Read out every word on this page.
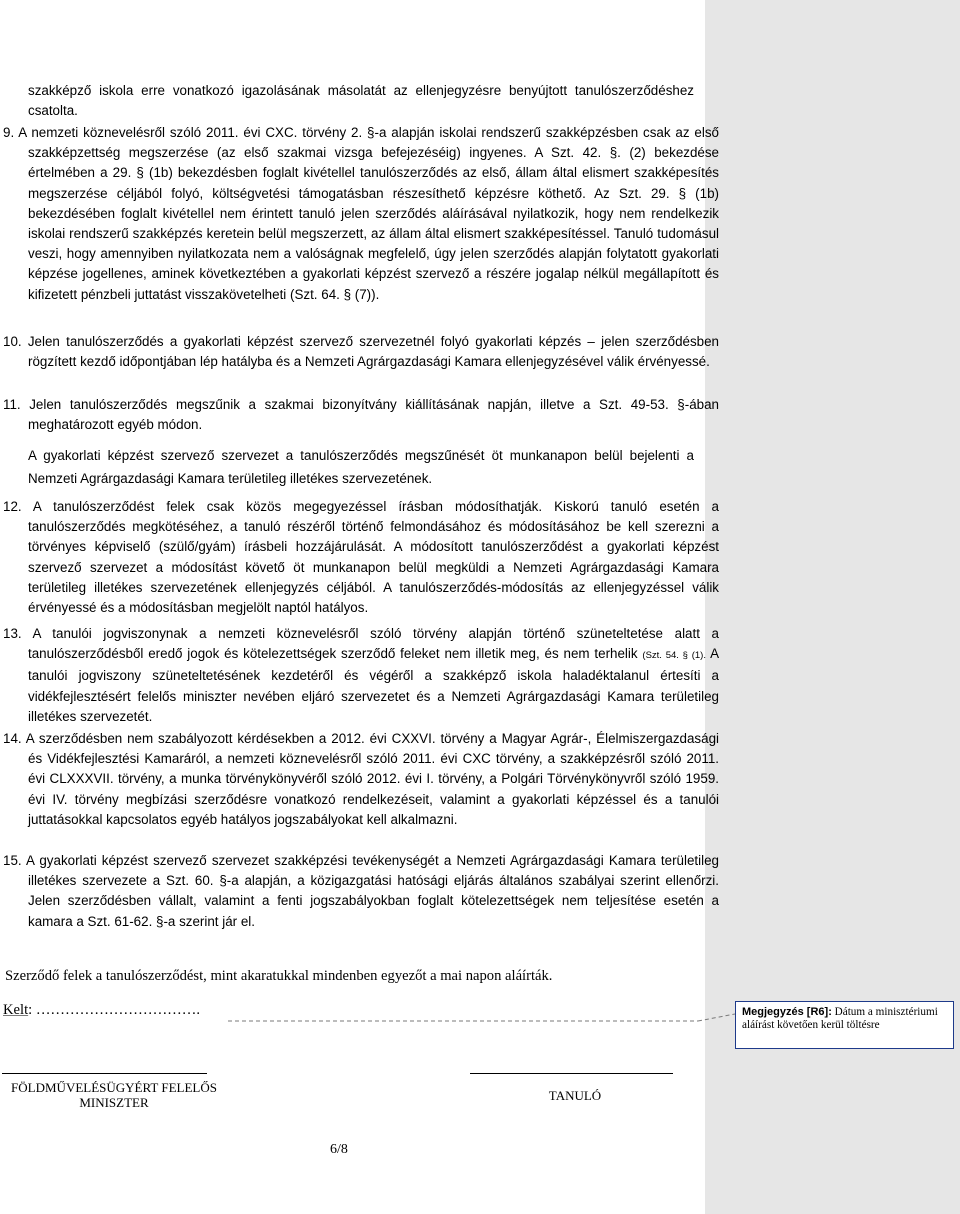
szakképző iskola erre vonatkozó igazolásának másolatát az ellenjegyzésre benyújtott tanulószerződéshez csatolta.

9. A nemzeti köznevelésről szóló 2011. évi CXC. törvény 2. §-a alapján iskolai rendszerű szakképzésben csak az első szakképzettség megszerzése (az első szakmai vizsga befejezéséig) ingyenes. A Szt. 42. §. (2) bekezdése értelmében a 29. § (1b) bekezdésben foglalt kivétellel tanulószerződés az első, állam által elismert szakképesítés megszerzése céljából folyó, költségvetési támogatásban részesíthető képzésre köthető. Az Szt. 29. § (1b) bekezdésében foglalt kivétellel nem érintett tanuló jelen szerződés aláírásával nyilatkozik, hogy nem rendelkezik iskolai rendszerű szakképzés keretein belül megszerzett, az állam által elismert szakképesítéssel. Tanuló tudomásul veszi, hogy amennyiben nyilatkozata nem a valóságnak megfelelő, úgy jelen szerződés alapján folytatott gyakorlati képzése jogellenes, aminek következtében a gyakorlati képzést szervező a részére jogalap nélkül megállapított és kifizetett pénzbeli juttatást visszakövetelheti (Szt. 64. § (7)).

10. Jelen tanulószerződés a gyakorlati képzést szervező szervezetnél folyó gyakorlati képzés – jelen szerződésben rögzített kezdő időpontjában lép hatályba és a Nemzeti Agrárgazdasági Kamara ellenjegyzésével válik érvényessé.

11. Jelen tanulószerződés megszűnik a szakmai bizonyítvány kiállításának napján, illetve a Szt. 49-53. §-ában meghatározott egyéb módon.

A gyakorlati képzést szervező szervezet a tanulószerződés megszűnését öt munkanapon belül bejelenti a Nemzeti Agrárgazdasági Kamara területileg illetékes szervezetének.

12. A tanulószerződést felek csak közös megegyezéssel írásban módosíthatják. Kiskorú tanuló esetén a tanulószerződés megkötéséhez, a tanuló részéről történő felmondásához és módosításához be kell szerezni a törvényes képviselő (szülő/gyám) írásbeli hozzájárulását. A módosított tanulószerződést a gyakorlati képzést szervező szervezet a módosítást követő öt munkanapon belül megküldi a Nemzeti Agrárgazdasági Kamara területileg illetékes szervezetének ellenjegyzés céljából. A tanulószerződés-módosítás az ellenjegyzéssel válik érvényessé és a módosításban megjelölt naptól hatályos.

13. A tanulói jogviszonynak a nemzeti köznevelésről szóló törvény alapján történő szüneteltetése alatt a tanulószerződésből eredő jogok és kötelezettségek szerződő feleket nem illetik meg, és nem terhelik (Szt. 54. § (1). A tanulói jogviszony szüneteltetésének kezdetéről és végéről a szakképző iskola haladéktalanul értesíti a vidékfejlesztésért felelős miniszter nevében eljáró szervezetet és a Nemzeti Agrárgazdasági Kamara területileg illetékes szervezetét.

14. A szerződésben nem szabályozott kérdésekben a 2012. évi CXXVI. törvény a Magyar Agrár-, Élelmiszergazdasági és Vidékfejlesztési Kamaráról, a nemzeti köznevelésről szóló 2011. évi CXC törvény, a szakképzésről szóló 2011. évi CLXXXVII. törvény, a munka törvénykönyvéről szóló 2012. évi I. törvény, a Polgári Törvénykönyvről szóló 1959. évi IV. törvény megbízási szerződésre vonatkozó rendelkezéseit, valamint a gyakorlati képzéssel és a tanulói juttatásokkal kapcsolatos egyéb hatályos jogszabályokat kell alkalmazni.

15. A gyakorlati képzést szervező szervezet szakképzési tevékenységét a Nemzeti Agrárgazdasági Kamara területileg illetékes szervezete a Szt. 60. §-a alapján, a közigazgatási hatósági eljárás általános szabályai szerint ellenőrzi. Jelen szerződésben vállalt, valamint a fenti jogszabályokban foglalt kötelezettségek nem teljesítése esetén a kamara a Szt. 61-62. §-a szerint jár el.

Szerződő felek a tanulószerződést, mint akaratukkal mindenben egyezőt a mai napon aláírták.
Kelt: …………………………….
FÖLDMŰVELÉSÜGYÉRT FELELŐS
MINISZTER	TANULÓ
6/8
Megjegyzés [R6]: Dátum a minisztériumi aláírást követően kerül töltésre
